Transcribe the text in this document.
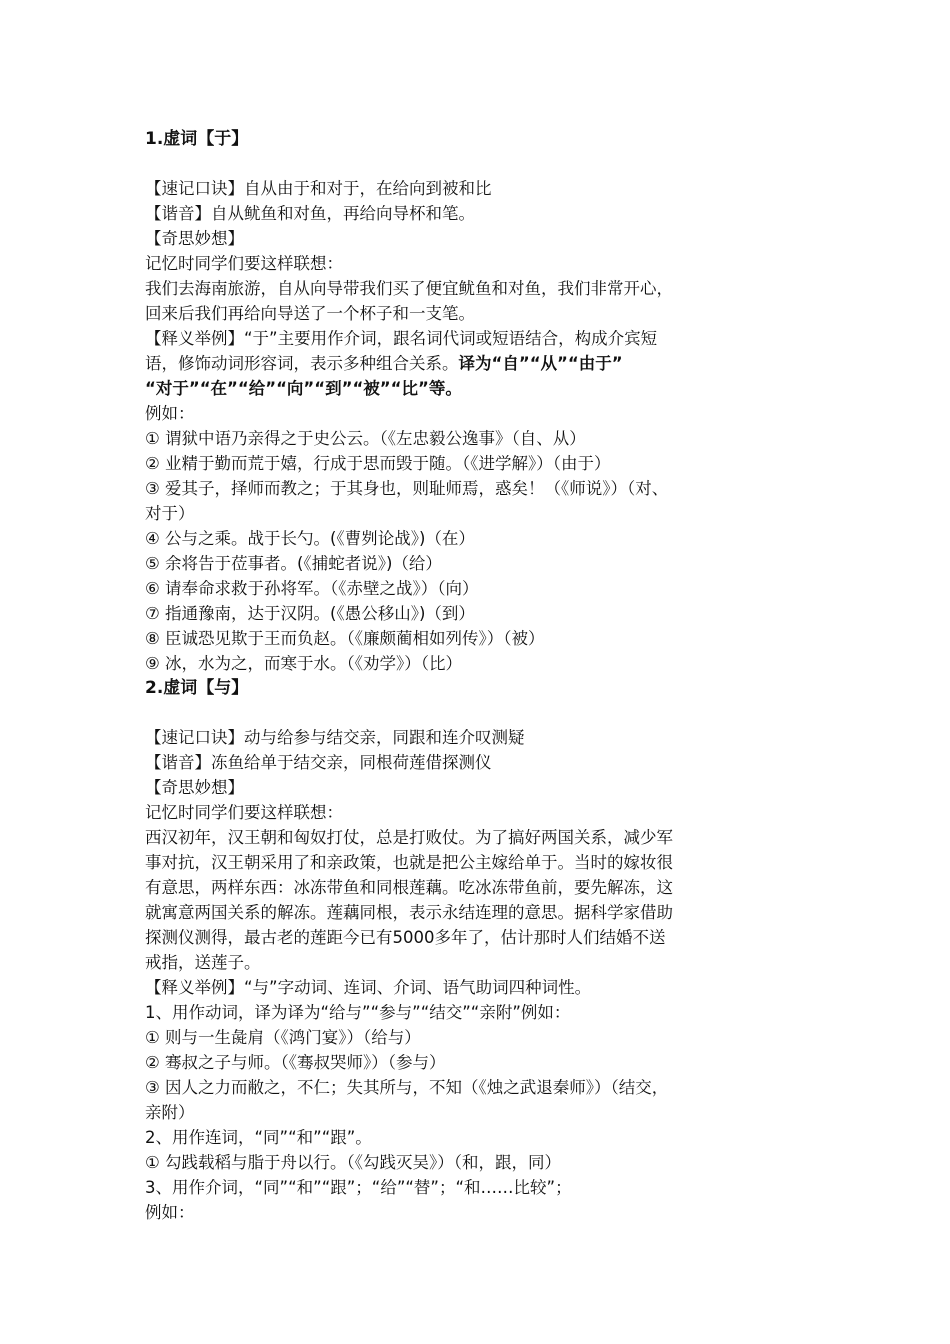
1.虚词【于】
【速记口诀】自从由于和对于，在给向到被和比
【谐音】自从鱿鱼和对鱼，再给向导杯和笔。
【奇思妙想】
记忆时同学们要这样联想：
我们去海南旅游，自从向导带我们买了便宜鱿鱼和对鱼，我们非常开心，
回来后我们再给向导送了一个杯子和一支笔。
【释义举例】“于”主要用作介词，跟名词代词或短语结合，构成介宾短
语，修饰动词形容词，表示多种组合关系。译为“自”“从”“由于”
“对于”“在”“给”“向”“到”“被”“比”等。
例如：
① 谓狱中语乃亲得之于史公云。（《左忠毅公逸事》（自、从）
② 业精于勤而荒于嬉，行成于思而毁于随。（《进学解》）（由于）
③ 爱其子，择师而教之；于其身也，则耻师焉，惑矣！（《师说》）（对、
对于）
④ 公与之乘。战于长勺。(《曹刿论战》)（在）
⑤ 余将告于莅事者。(《捕蛇者说》)（给）
⑥ 请奉命求救于孙将军。（《赤壁之战》）（向）
⑦ 指通豫南，达于汉阴。(《愚公移山》)（到）
⑧ 臣诚恐见欺于王而负赵。（《廉颇蔺相如列传》）（被）
⑨ 冰，水为之，而寒于水。（《劝学》）（比）
2.虚词【与】
【速记口诀】动与给参与结交亲，同跟和连介叹测疑
【谐音】冻鱼给单于结交亲，同根荷莲借探测仪
【奇思妙想】
记忆时同学们要这样联想：
西汉初年，汉王朝和匈奴打仗，总是打败仗。为了搞好两国关系，减少军
事对抗，汉王朝采用了和亲政策，也就是把公主嫁给单于。当时的嫁妆很
有意思，两样东西：冰冻带鱼和同根莲藕。吃冰冻带鱼前，要先解冻，这
就寓意两国关系的解冻。莲藕同根，表示永结连理的意思。据科学家借助
探测仪测得，最古老的莲距今已有5000多年了，估计那时人们结婚不送
戒指，送莲子。
【释义举例】“与”字动词、连词、介词、语气助词四种词性。
1、用作动词，译为译为“给与”“参与”“结交”“亲附”例如：
① 则与一生彘肩（《鸿门宴》）（给与）
② 骞叔之子与师。（《骞叔哭师》）（参与）
③ 因人之力而敝之，不仁；失其所与，不知（《烛之武退秦师》）（结交，
亲附）
2、用作连词，“同”“和”“跟”。
① 勾践载稻与脂于舟以行。（《勾践灭吴》）（和，跟，同）
3、用作介词，“同”“和”“跟”；“给”“替”；“和……比较”；
例如：
